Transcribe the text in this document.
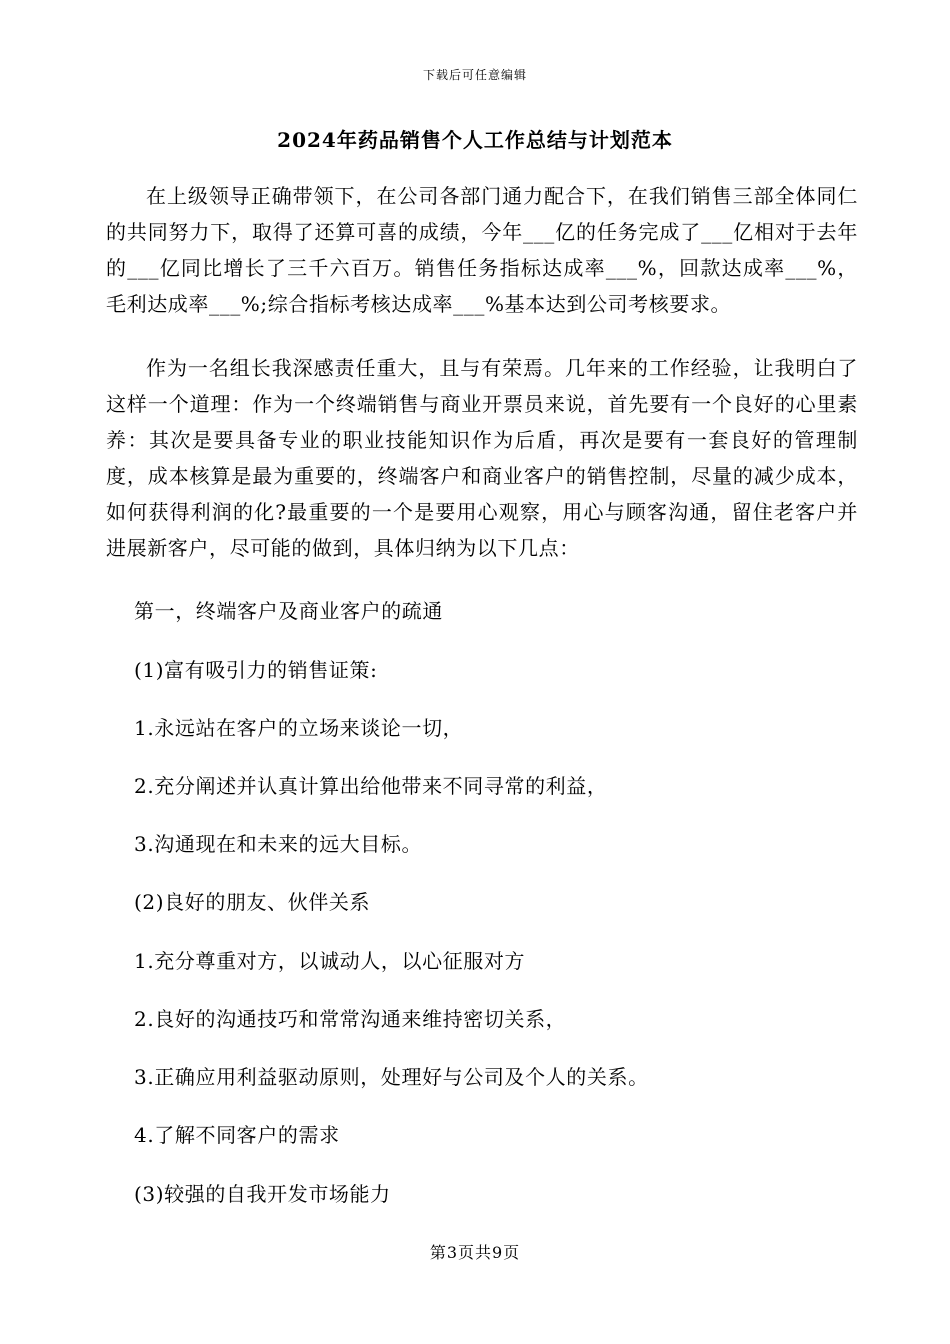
下载后可任意编辑
2024年药品销售个人工作总结与计划范本

在上级领导正确带领下，在公司各部门通力配合下，在我们销售三部全体同仁的共同努力下，取得了还算可喜的成绩，今年___亿的任务完成了___亿相对于去年的___亿同比增长了三千六百万。销售任务指标达成率___%，回款达成率___%，毛利达成率___%;综合指标考核达成率___%基本达到公司考核要求。

作为一名组长我深感责任重大，且与有荣焉。几年来的工作经验，让我明白了这样一个道理：作为一个终端销售与商业开票员来说，首先要有一个良好的心里素养：其次是要具备专业的职业技能知识作为后盾，再次是要有一套良好的管理制度，成本核算是最为重要的，终端客户和商业客户的销售控制，尽量的减少成本，如何获得利润的化?最重要的一个是要用心观察，用心与顾客沟通，留住老客户并进展新客户，尽可能的做到，具体归纳为以下几点：

第一，终端客户及商业客户的疏通

(1)富有吸引力的销售证策:

1.永远站在客户的立场来谈论一切，

2.充分阐述并认真计算出给他带来不同寻常的利益，

3.沟通现在和未来的远大目标。

(2)良好的朋友、伙伴关系

1.充分尊重对方，以诚动人，以心征服对方

2.良好的沟通技巧和常常沟通来维持密切关系，

3.正确应用利益驱动原则，处理好与公司及个人的关系。

4.了解不同客户的需求

(3)较强的自我开发市场能力

第3页共9页
